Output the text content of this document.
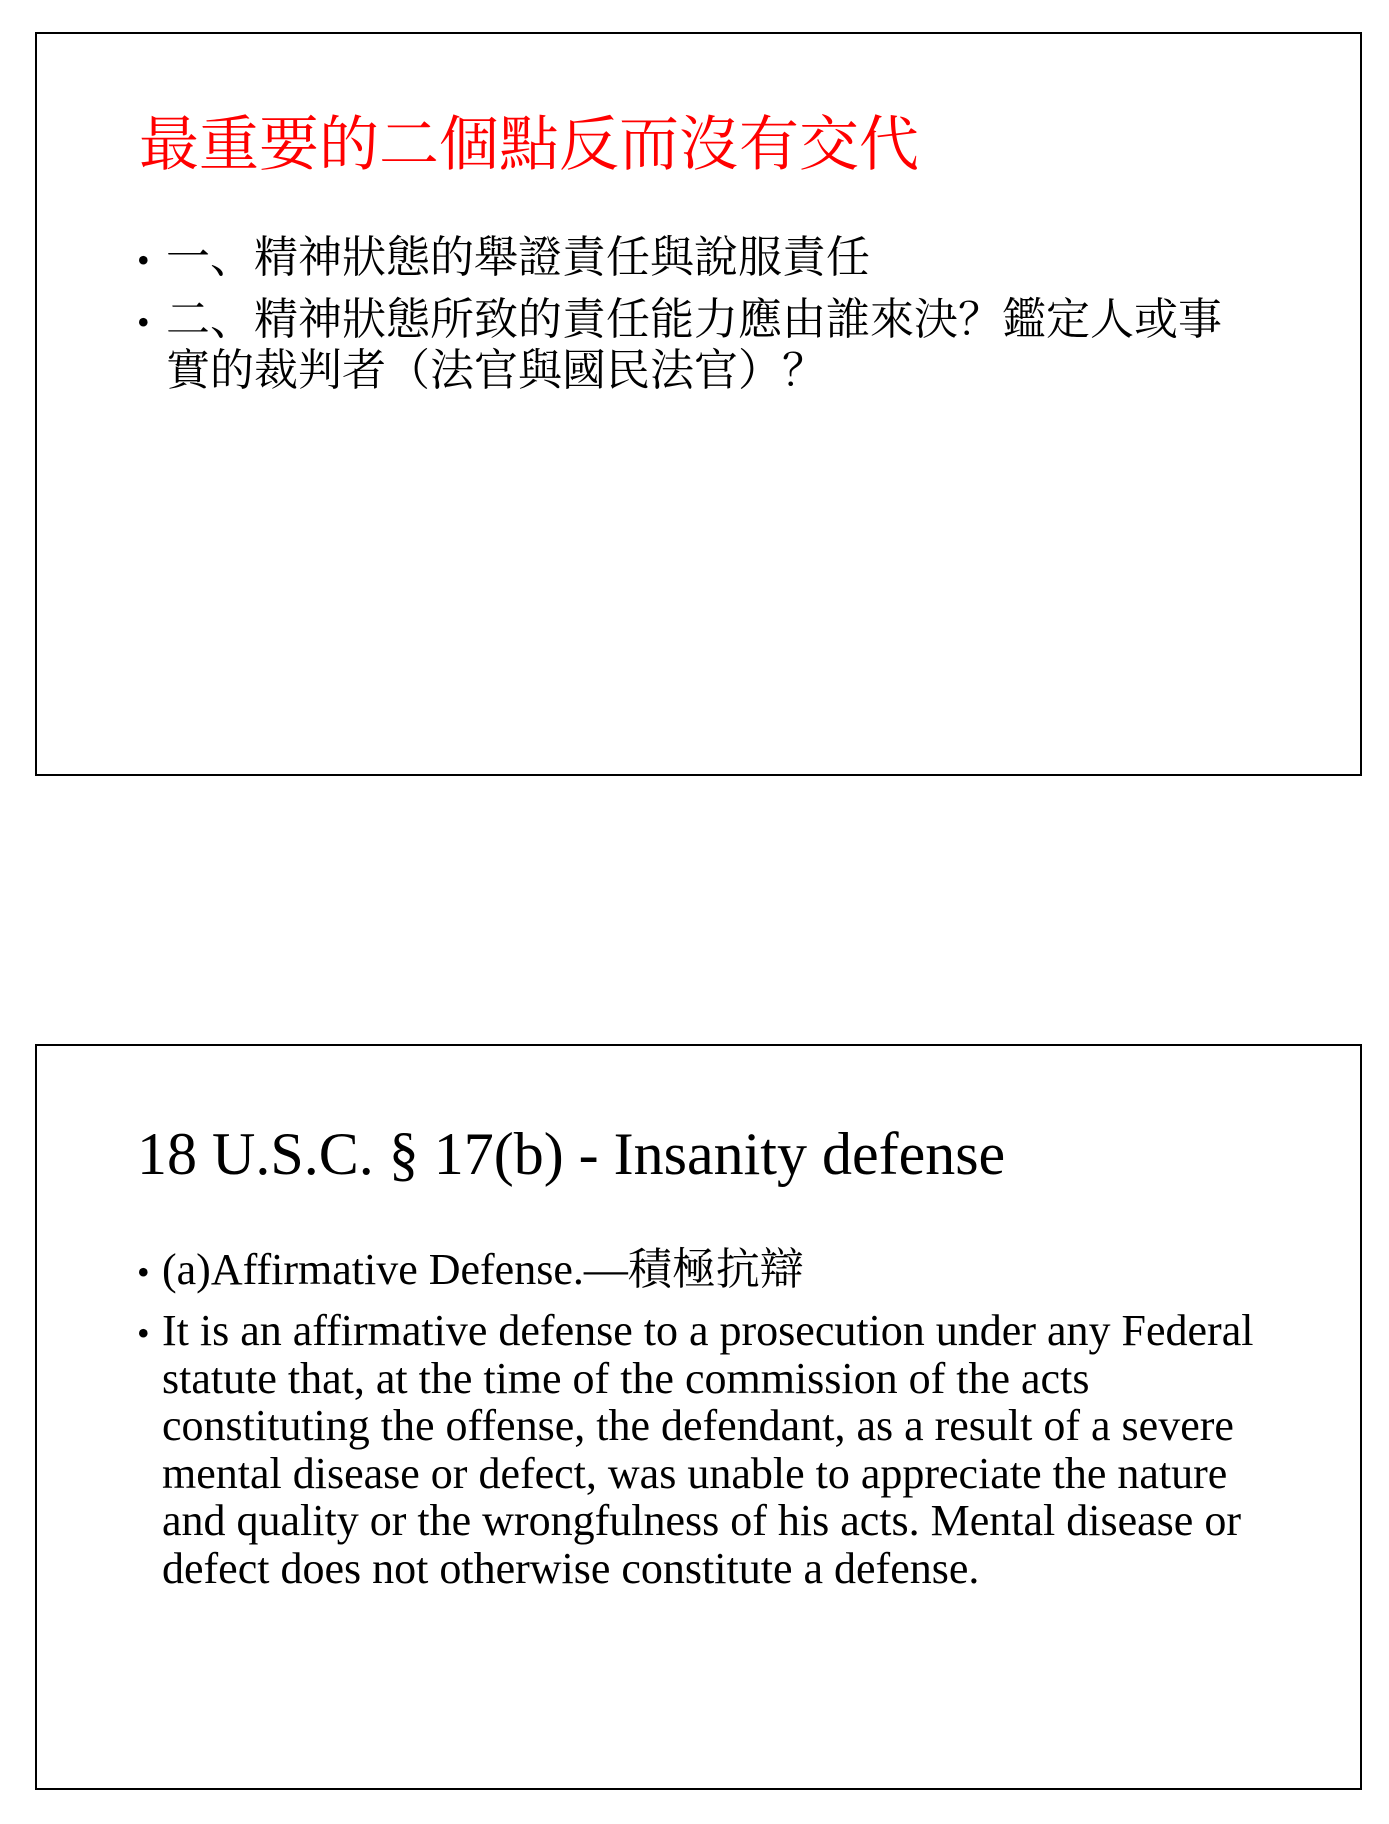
最重要的二個點反而沒有交代
• 一、精神狀態的舉證責任與說服責任
• 二、精神狀態所致的責任能力應由誰來決？鑑定人或事
實的裁判者（法官與國民法官）？
18 U.S.C. § 17(b) - Insanity defense
• (a)Affirmative Defense.—積極抗辯
• It is an affirmative defense to a prosecution under any Federal statute that, at the time of the commission of the acts constituting the offense, the defendant, as a result of a severe mental disease or defect, was unable to appreciate the nature and quality or the wrongfulness of his acts. Mental disease or defect does not otherwise constitute a defense.
